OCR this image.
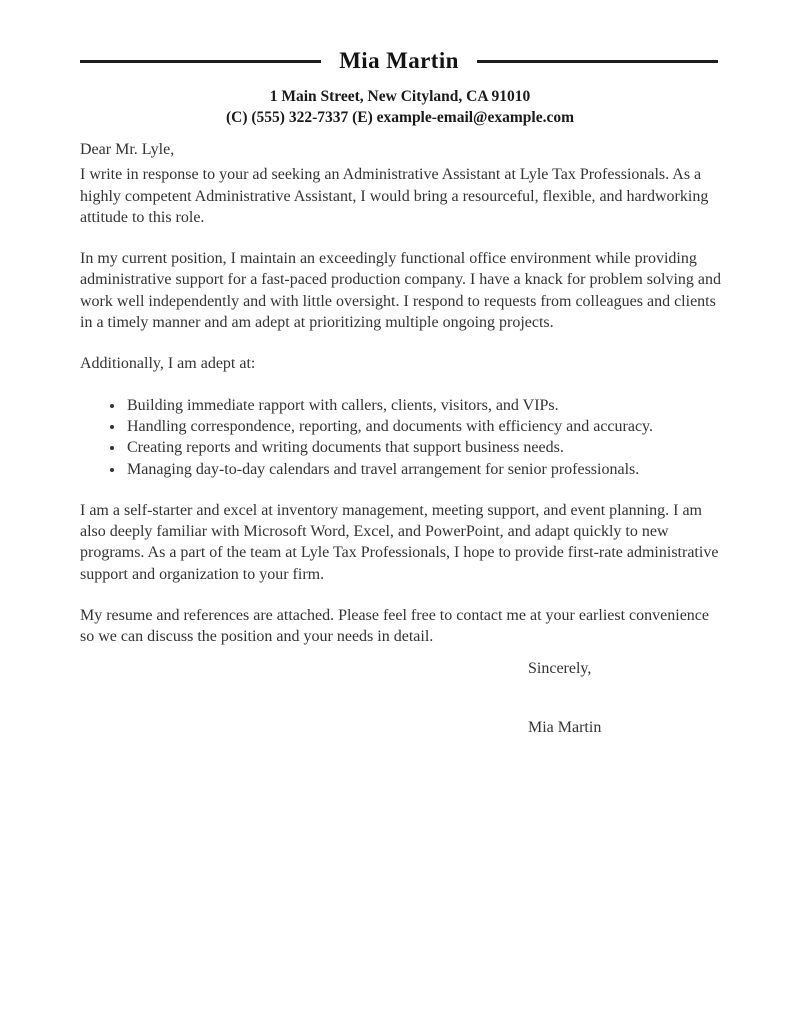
Mia Martin
1 Main Street, New Cityland, CA 91010
(C) (555) 322-7337 (E) example-email@example.com

Dear Mr. Lyle,

I write in response to your ad seeking an Administrative Assistant at Lyle Tax Professionals. As a highly competent Administrative Assistant, I would bring a resourceful, flexible, and hardworking attitude to this role.

In my current position, I maintain an exceedingly functional office environment while providing administrative support for a fast-paced production company. I have a knack for problem solving and work well independently and with little oversight. I respond to requests from colleagues and clients in a timely manner and am adept at prioritizing multiple ongoing projects.

Additionally, I am adept at:

• Building immediate rapport with callers, clients, visitors, and VIPs.
• Handling correspondence, reporting, and documents with efficiency and accuracy.
• Creating reports and writing documents that support business needs.
• Managing day-to-day calendars and travel arrangement for senior professionals.

I am a self-starter and excel at inventory management, meeting support, and event planning. I am also deeply familiar with Microsoft Word, Excel, and PowerPoint, and adapt quickly to new programs. As a part of the team at Lyle Tax Professionals, I hope to provide first-rate administrative support and organization to your firm.

My resume and references are attached. Please feel free to contact me at your earliest convenience so we can discuss the position and your needs in detail.

Sincerely,

Mia Martin
